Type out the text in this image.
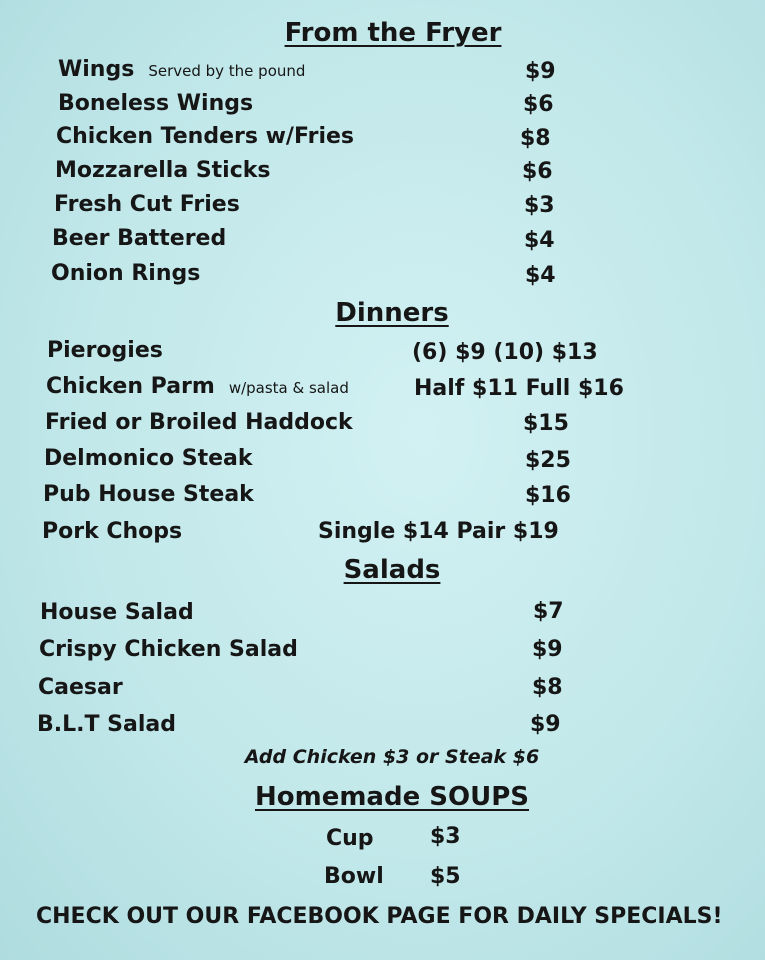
From the Fryer
Wings Served by the pound	$9
Boneless Wings	$6
Chicken Tenders w/Fries	$8
Mozzarella Sticks	$6
Fresh Cut Fries	$3
Beer Battered	$4
Onion Rings	$4
Dinners
Pierogies	(6) $9 (10) $13
Chicken Parm w/pasta & salad	Half $11 Full $16
Fried or Broiled Haddock	$15
Delmonico Steak	$25
Pub House Steak	$16
Pork Chops	Single $14 Pair $19
Salads
House Salad	$7
Crispy Chicken Salad	$9
Caesar	$8
B.L.T Salad	$9
Add Chicken $3 or Steak $6
Homemade SOUPS
Cup	$3
Bowl $5
CHECK OUT OUR FACEBOOK PAGE FOR DAILY SPECIALS!
